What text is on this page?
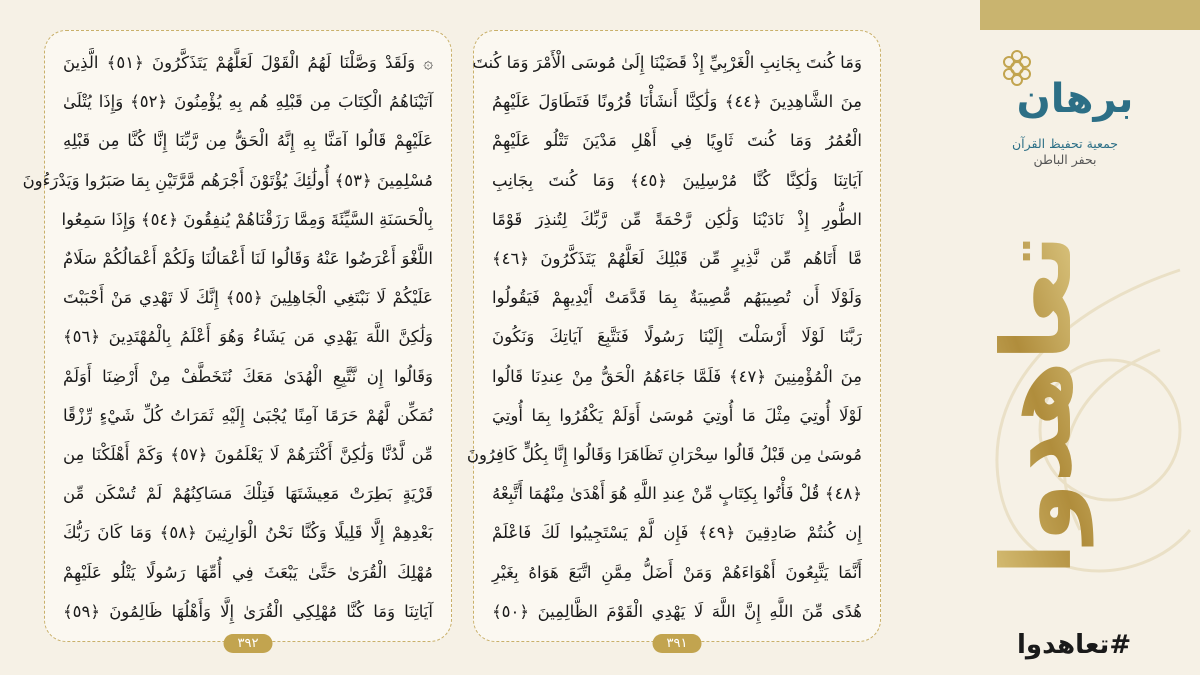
۞ وَلَقَدْ وَصَّلْنَا لَهُمُ الْقَوْلَ لَعَلَّهُمْ يَتَذَكَّرُونَ ﴿٥١﴾ الَّذِينَ
آتَيْنَاهُمُ الْكِتَابَ مِن قَبْلِهِ هُم بِهِ يُؤْمِنُونَ ﴿٥٢﴾ وَإِذَا يُتْلَىٰ
عَلَيْهِمْ قَالُوا آمَنَّا بِهِ إِنَّهُ الْحَقُّ مِن رَّبِّنَا إِنَّا كُنَّا مِن قَبْلِهِ
مُسْلِمِينَ ﴿٥٣﴾ أُولَٰئِكَ يُؤْتَوْنَ أَجْرَهُم مَّرَّتَيْنِ بِمَا صَبَرُوا وَيَدْرَءُونَ
بِالْحَسَنَةِ السَّيِّئَةَ وَمِمَّا رَزَقْنَاهُمْ يُنفِقُونَ ﴿٥٤﴾ وَإِذَا سَمِعُوا
اللَّغْوَ أَعْرَضُوا عَنْهُ وَقَالُوا لَنَا أَعْمَالُنَا وَلَكُمْ أَعْمَالُكُمْ سَلَامٌ
عَلَيْكُمْ لَا نَبْتَغِي الْجَاهِلِينَ ﴿٥٥﴾ إِنَّكَ لَا تَهْدِي مَنْ أَحْبَبْتَ
وَلَٰكِنَّ اللَّهَ يَهْدِي مَن يَشَاءُ وَهُوَ أَعْلَمُ بِالْمُهْتَدِينَ ﴿٥٦﴾
وَقَالُوا إِن نَّتَّبِعِ الْهُدَىٰ مَعَكَ نُتَخَطَّفْ مِنْ أَرْضِنَا أَوَلَمْ
نُمَكِّن لَّهُمْ حَرَمًا آمِنًا يُجْبَىٰ إِلَيْهِ ثَمَرَاتُ كُلِّ شَيْءٍ رِّزْقًا
مِّن لَّدُنَّا وَلَٰكِنَّ أَكْثَرَهُمْ لَا يَعْلَمُونَ ﴿٥٧﴾ وَكَمْ أَهْلَكْنَا مِن
قَرْيَةٍ بَطِرَتْ مَعِيشَتَهَا فَتِلْكَ مَسَاكِنُهُمْ لَمْ تُسْكَن مِّن
بَعْدِهِمْ إِلَّا قَلِيلًا وَكُنَّا نَحْنُ الْوَارِثِينَ ﴿٥٨﴾ وَمَا كَانَ رَبُّكَ
مُهْلِكَ الْقُرَىٰ حَتَّىٰ يَبْعَثَ فِي أُمِّهَا رَسُولًا يَتْلُو عَلَيْهِمْ
آيَاتِنَا وَمَا كُنَّا مُهْلِكِي الْقُرَىٰ إِلَّا وَأَهْلُهَا ظَالِمُونَ ﴿٥٩﴾
٣٩٢
وَمَا كُنتَ بِجَانِبِ الْغَرْبِيِّ إِذْ قَضَيْنَا إِلَىٰ مُوسَى الْأَمْرَ وَمَا كُنتَ
مِنَ الشَّاهِدِينَ ﴿٤٤﴾ وَلَٰكِنَّا أَنشَأْنَا قُرُونًا فَتَطَاوَلَ عَلَيْهِمُ
الْعُمُرُ وَمَا كُنتَ ثَاوِيًا فِي أَهْلِ مَدْيَنَ تَتْلُو عَلَيْهِمْ
آيَاتِنَا وَلَٰكِنَّا كُنَّا مُرْسِلِينَ ﴿٤٥﴾ وَمَا كُنتَ بِجَانِبِ
الطُّورِ إِذْ نَادَيْنَا وَلَٰكِن رَّحْمَةً مِّن رَّبِّكَ لِتُنذِرَ قَوْمًا
مَّا أَتَاهُم مِّن نَّذِيرٍ مِّن قَبْلِكَ لَعَلَّهُمْ يَتَذَكَّرُونَ ﴿٤٦﴾
وَلَوْلَا أَن تُصِيبَهُم مُّصِيبَةٌ بِمَا قَدَّمَتْ أَيْدِيهِمْ فَيَقُولُوا
رَبَّنَا لَوْلَا أَرْسَلْتَ إِلَيْنَا رَسُولًا فَنَتَّبِعَ آيَاتِكَ وَنَكُونَ
مِنَ الْمُؤْمِنِينَ ﴿٤٧﴾ فَلَمَّا جَاءَهُمُ الْحَقُّ مِنْ عِندِنَا قَالُوا
لَوْلَا أُوتِيَ مِثْلَ مَا أُوتِيَ مُوسَىٰ أَوَلَمْ يَكْفُرُوا بِمَا أُوتِيَ
مُوسَىٰ مِن قَبْلُ قَالُوا سِحْرَانِ تَظَاهَرَا وَقَالُوا إِنَّا بِكُلٍّ كَافِرُونَ
﴿٤٨﴾ قُلْ فَأْتُوا بِكِتَابٍ مِّنْ عِندِ اللَّهِ هُوَ أَهْدَىٰ مِنْهُمَا أَتَّبِعْهُ
إِن كُنتُمْ صَادِقِينَ ﴿٤٩﴾ فَإِن لَّمْ يَسْتَجِيبُوا لَكَ فَاعْلَمْ
أَنَّمَا يَتَّبِعُونَ أَهْوَاءَهُمْ وَمَنْ أَضَلُّ مِمَّنِ اتَّبَعَ هَوَاهُ بِغَيْرِ
هُدًى مِّنَ اللَّهِ إِنَّ اللَّهَ لَا يَهْدِي الْقَوْمَ الظَّالِمِينَ ﴿٥٠﴾
٣٩١
برهان
جمعية تحفيظ القرآن
بحفر الباطن
تعاهدوا
#تعاهدوا
